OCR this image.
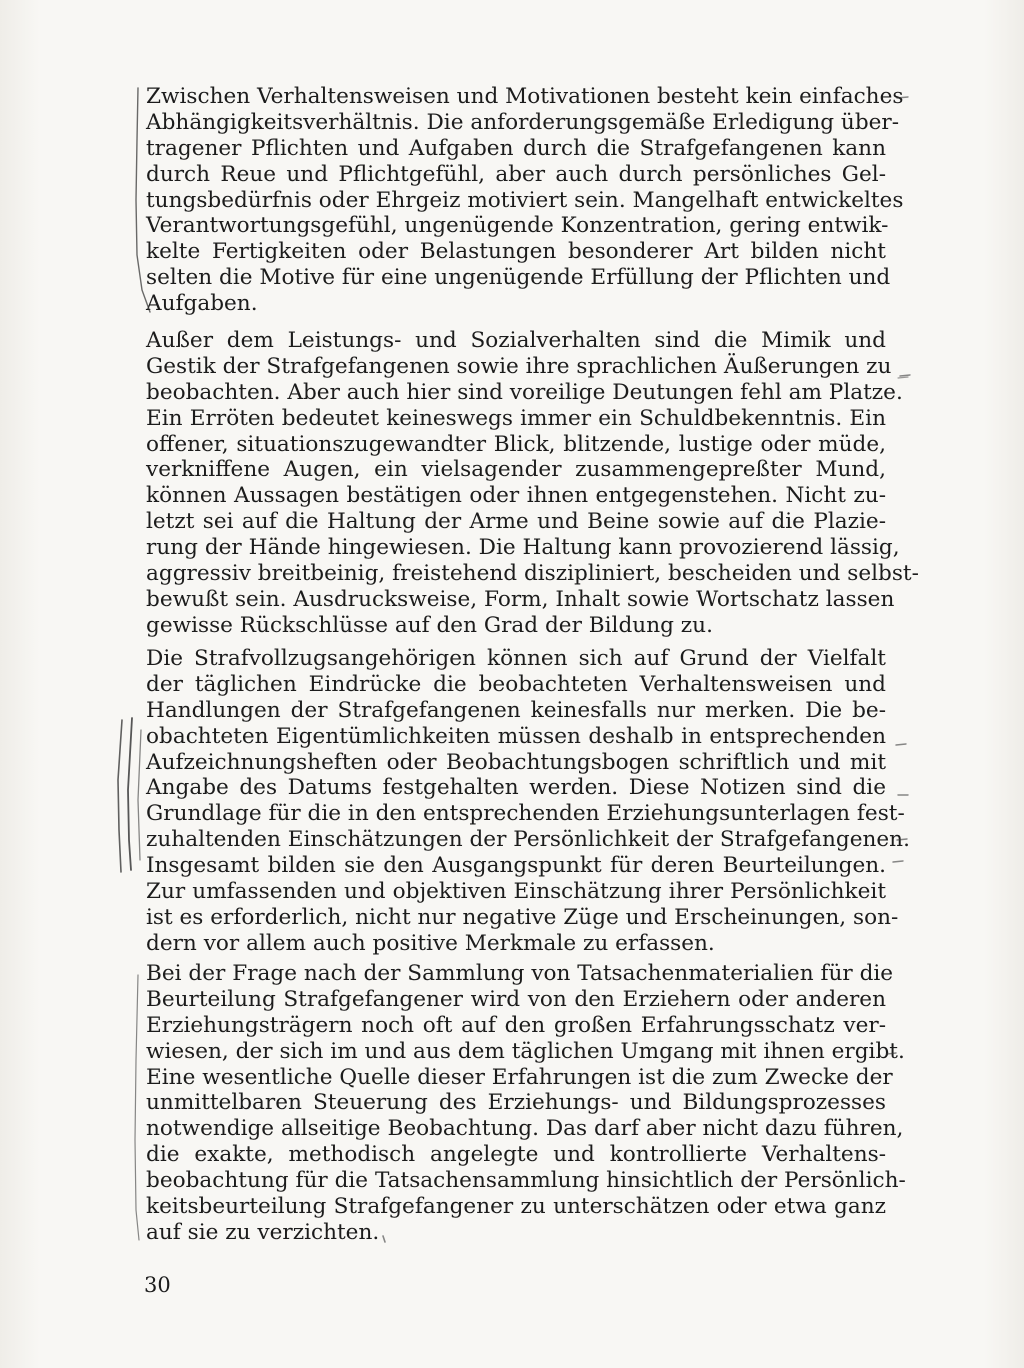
Zwischen Verhaltensweisen und Motivationen besteht kein einfaches
Abhängigkeitsverhältnis. Die anforderungsgemäße Erledigung über-
tragener Pflichten und Aufgaben durch die Strafgefangenen kann
durch Reue und Pflichtgefühl, aber auch durch persönliches Gel-
tungsbedürfnis oder Ehrgeiz motiviert sein. Mangelhaft entwickeltes
Verantwortungsgefühl, ungenügende Konzentration, gering entwik-
kelte Fertigkeiten oder Belastungen besonderer Art bilden nicht
selten die Motive für eine ungenügende Erfüllung der Pflichten und
Aufgaben.
Außer dem Leistungs- und Sozialverhalten sind die Mimik und
Gestik der Strafgefangenen sowie ihre sprachlichen Äußerungen zu
beobachten. Aber auch hier sind voreilige Deutungen fehl am Platze.
Ein Erröten bedeutet keineswegs immer ein Schuldbekenntnis. Ein
offener, situationszugewandter Blick, blitzende, lustige oder müde,
verkniffene Augen, ein vielsagender zusammengepreßter Mund,
können Aussagen bestätigen oder ihnen entgegenstehen. Nicht zu-
letzt sei auf die Haltung der Arme und Beine sowie auf die Plazie-
rung der Hände hingewiesen. Die Haltung kann provozierend lässig,
aggressiv breitbeinig, freistehend diszipliniert, bescheiden und selbst-
bewußt sein. Ausdrucksweise, Form, Inhalt sowie Wortschatz lassen
gewisse Rückschlüsse auf den Grad der Bildung zu.
Die Strafvollzugsangehörigen können sich auf Grund der Vielfalt
der täglichen Eindrücke die beobachteten Verhaltensweisen und
Handlungen der Strafgefangenen keinesfalls nur merken. Die be-
obachteten Eigentümlichkeiten müssen deshalb in entsprechenden
Aufzeichnungsheften oder Beobachtungsbogen schriftlich und mit
Angabe des Datums festgehalten werden. Diese Notizen sind die
Grundlage für die in den entsprechenden Erziehungsunterlagen fest-
zuhaltenden Einschätzungen der Persönlichkeit der Strafgefangenen.
Insgesamt bilden sie den Ausgangspunkt für deren Beurteilungen.
Zur umfassenden und objektiven Einschätzung ihrer Persönlichkeit
ist es erforderlich, nicht nur negative Züge und Erscheinungen, son-
dern vor allem auch positive Merkmale zu erfassen.
Bei der Frage nach der Sammlung von Tatsachenmaterialien für die
Beurteilung Strafgefangener wird von den Erziehern oder anderen
Erziehungsträgern noch oft auf den großen Erfahrungsschatz ver-
wiesen, der sich im und aus dem täglichen Umgang mit ihnen ergibt.
Eine wesentliche Quelle dieser Erfahrungen ist die zum Zwecke der
unmittelbaren Steuerung des Erziehungs- und Bildungsprozesses
notwendige allseitige Beobachtung. Das darf aber nicht dazu führen,
die exakte, methodisch angelegte und kontrollierte Verhaltens-
beobachtung für die Tatsachensammlung hinsichtlich der Persönlich-
keitsbeurteilung Strafgefangener zu unterschätzen oder etwa ganz
auf sie zu verzichten.
30
